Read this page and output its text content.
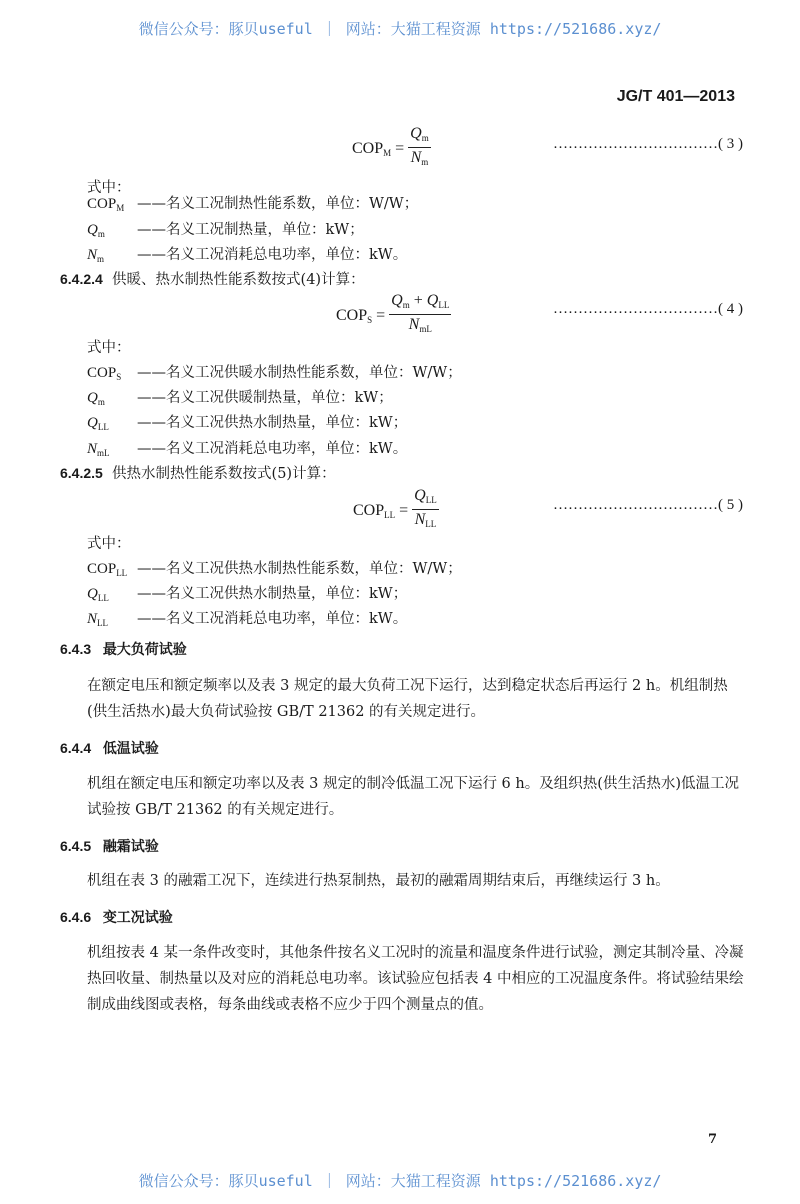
微信公众号：豚贝useful ｜ 网站：大猫工程资源 https://521686.xyz/
JG/T 401—2013
$COP_M = \frac{Q_m}{N_m}$	……………………………( 3 )
式中：
$COP_M$ ——名义工况制热性能系数，单位：W/W；
$Q_m$ ——名义工况制热量，单位：kW；
$N_m$ ——名义工况消耗总电功率，单位：kW。
6.4.2.4 供暖、热水制热性能系数按式(4)计算：
$COP_S = \frac{Q_m + Q_{LL}}{N_{mL}}$	……………………………( 4 )
式中：
$COP_S$ ——名义工况供暖水制热性能系数，单位：W/W；
$Q_m$ ——名义工况供暖制热量，单位：kW；
$Q_{LL}$ ——名义工况供热水制热量，单位：kW；
$N_{mL}$ ——名义工况消耗总电功率，单位：kW。
6.4.2.5 供热水制热性能系数按式(5)计算：
$COP_{LL} = \frac{Q_{LL}}{N_{LL}}$	……………………………( 5 )
式中：
$COP_{LL}$ ——名义工况供热水制热性能系数，单位：W/W；
$Q_{LL}$ ——名义工况供热水制热量，单位：kW；
$N_{LL}$ ——名义工况消耗总电功率，单位：kW。
6.4.3 最大负荷试验
在额定电压和额定频率以及表 3 规定的最大负荷工况下运行，达到稳定状态后再运行 2 h。机组制热(供生活热水)最大负荷试验按 GB/T 21362 的有关规定进行。
6.4.4 低温试验
机组在额定电压和额定功率以及表 3 规定的制冷低温工况下运行 6 h。及组织热(供生活热水)低温工况试验按 GB/T 21362 的有关规定进行。
6.4.5 融霜试验
机组在表 3 的融霜工况下，连续进行热泵制热，最初的融霜周期结束后，再继续运行 3 h。
6.4.6 变工况试验
机组按表 4 某一条件改变时，其他条件按名义工况时的流量和温度条件进行试验，测定其制冷量、冷凝热回收量、制热量以及对应的消耗总电功率。该试验应包括表 4 中相应的工况温度条件。将试验结果绘制成曲线图或表格，每条曲线或表格不应少于四个测量点的值。
7
微信公众号：豚贝useful ｜ 网站：大猫工程资源 https://521686.xyz/
